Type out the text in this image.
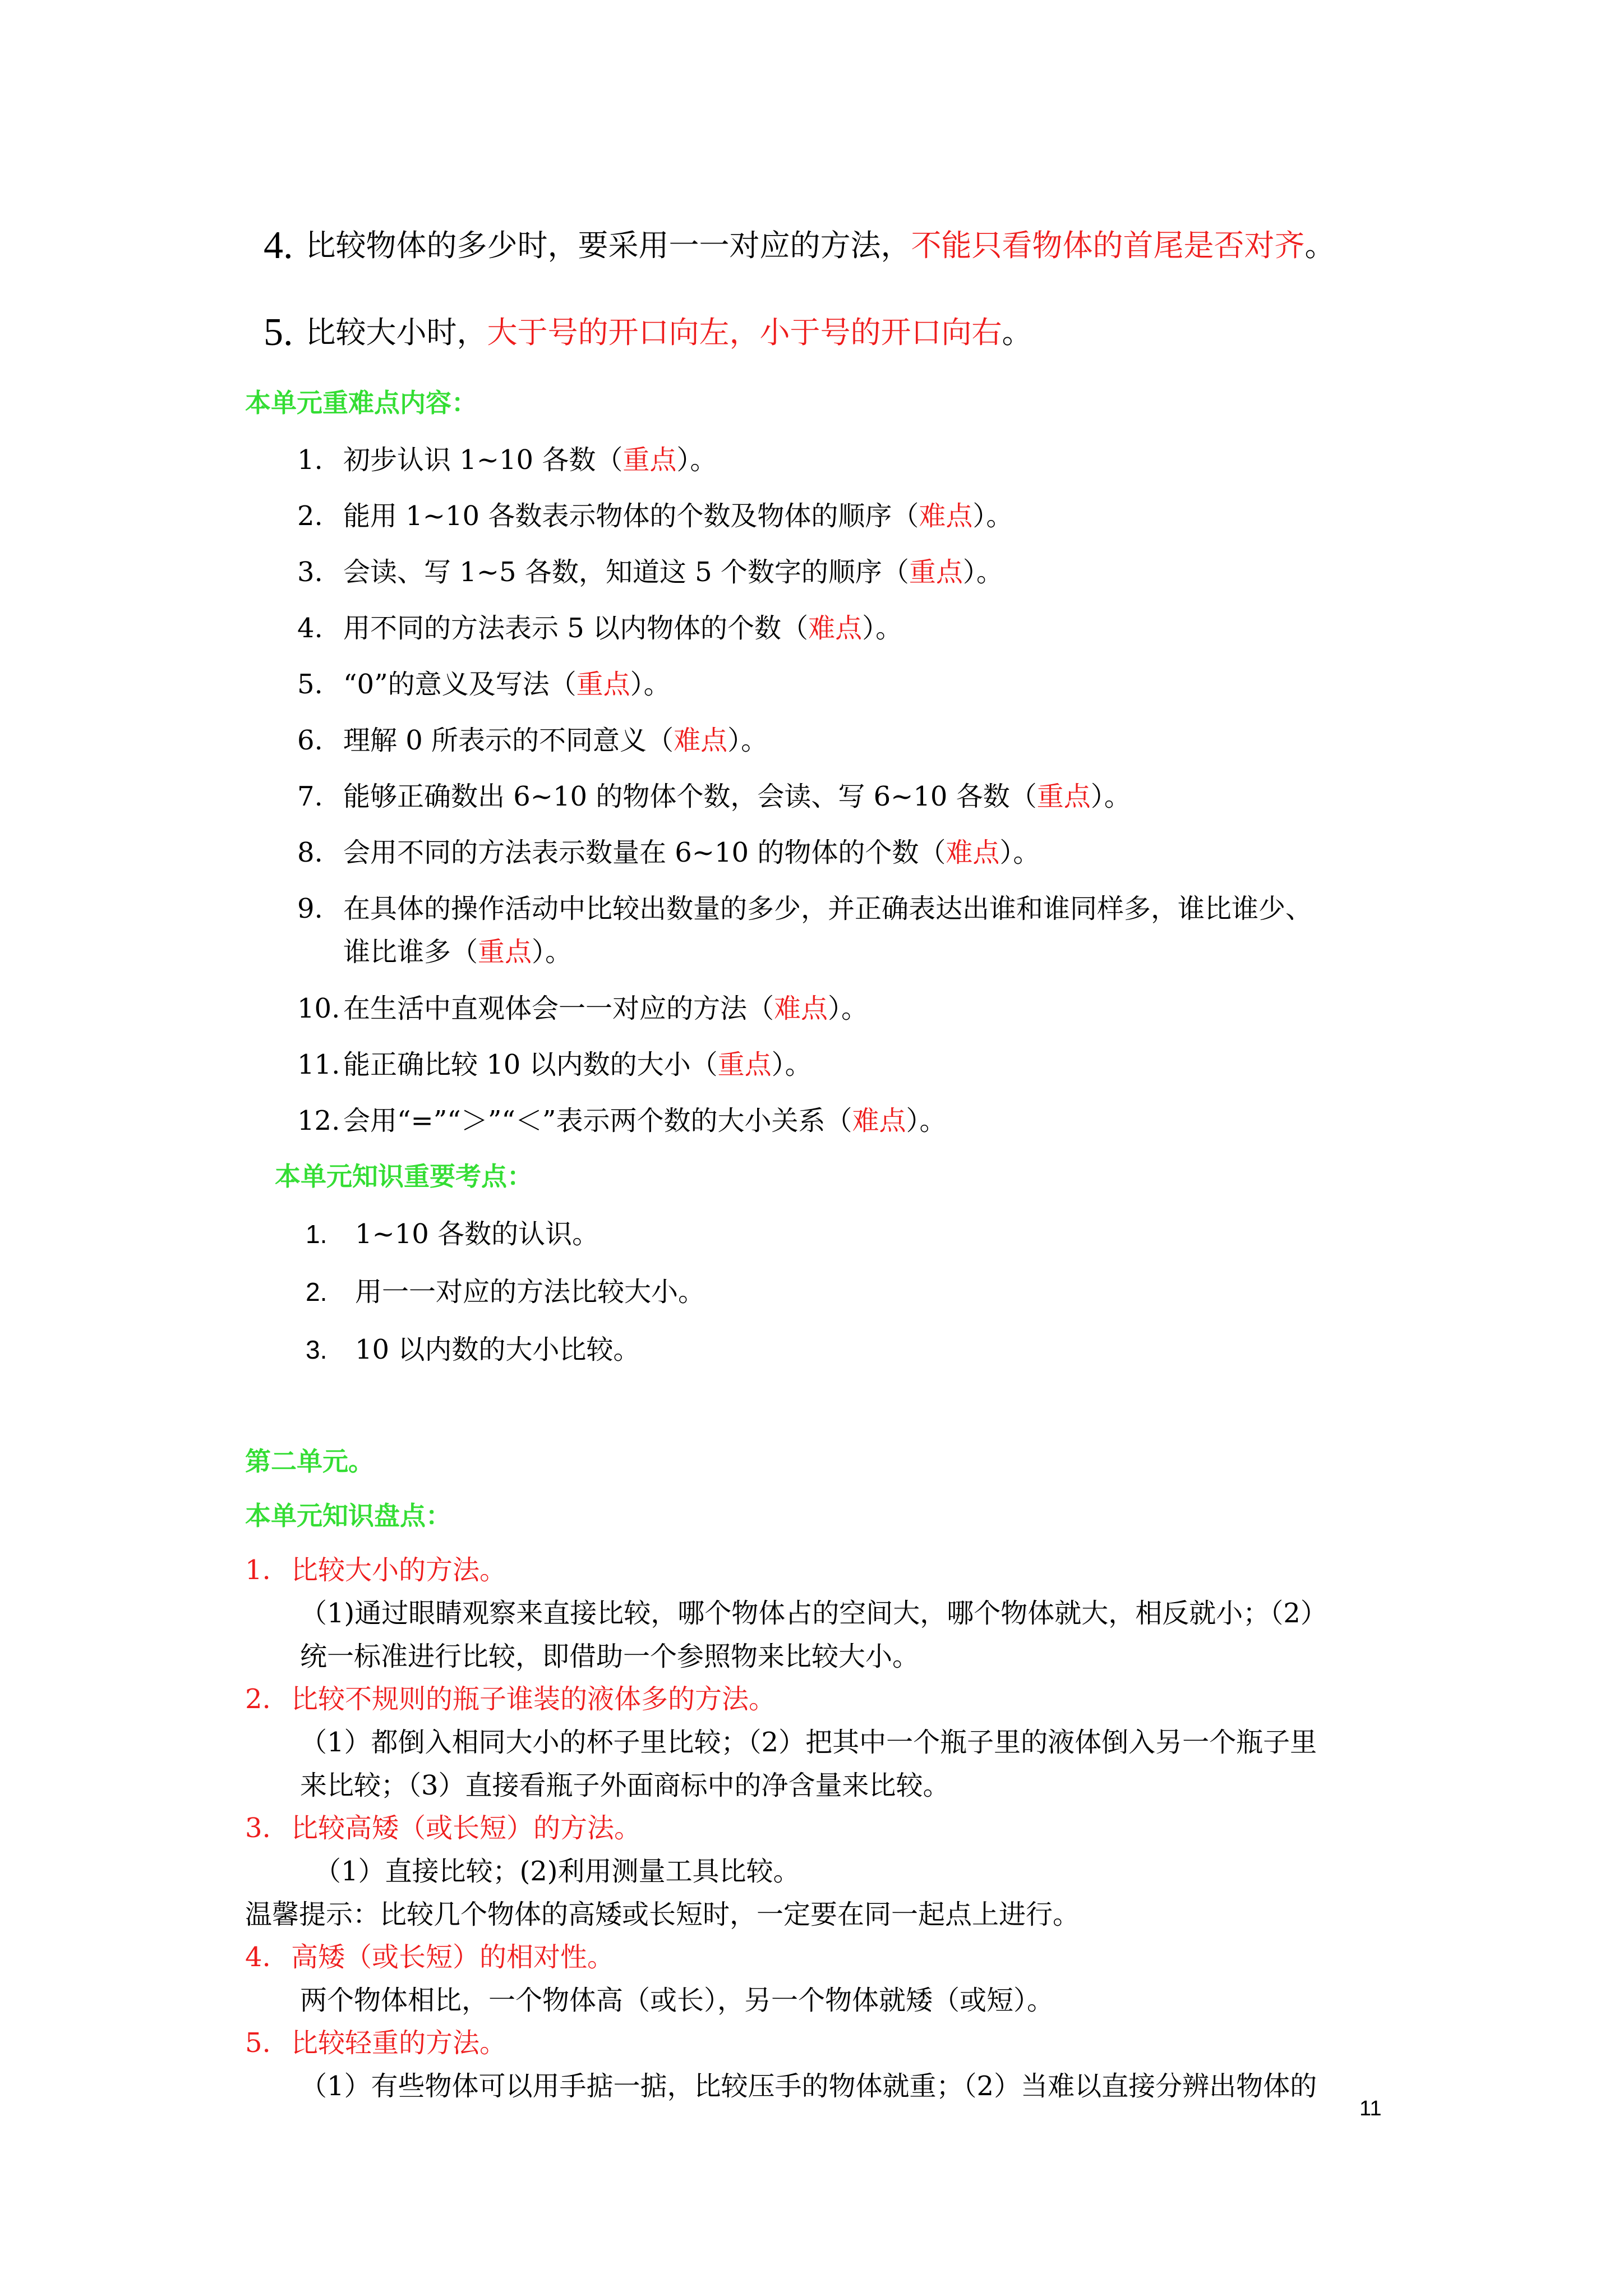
4. 比较物体的多少时，要采用一一对应的方法，不能只看物体的首尾是否对齐。
5. 比较大小时，大于号的开口向左，小于号的开口向右。
本单元重难点内容：
1. 初步认识 1~10 各数（重点）。
2. 能用 1~10 各数表示物体的个数及物体的顺序（难点）。
3. 会读、写 1~5 各数，知道这 5 个数字的顺序（重点）。
4. 用不同的方法表示 5 以内物体的个数（难点）。
5. “0”的意义及写法（重点）。
6. 理解 0 所表示的不同意义（难点）。
7. 能够正确数出 6~10 的物体个数，会读、写 6~10 各数（重点）。
8. 会用不同的方法表示数量在 6~10 的物体的个数（难点）。
9. 在具体的操作活动中比较出数量的多少，并正确表达出谁和谁同样多，谁比谁少、
谁比谁多（重点）。
10. 在生活中直观体会一一对应的方法（难点）。
11. 能正确比较 10 以内数的大小（重点）。
12. 会用“=”“＞”“＜”表示两个数的大小关系（难点）。
本单元知识重要考点：
1. 1~10 各数的认识。
2. 用一一对应的方法比较大小。
3. 10 以内数的大小比较。
第二单元。
本单元知识盘点：
1. 比较大小的方法。
（1)通过眼睛观察来直接比较，哪个物体占的空间大，哪个物体就大，相反就小；（2）
统一标准进行比较，即借助一个参照物来比较大小。
2. 比较不规则的瓶子谁装的液体多的方法。
（1）都倒入相同大小的杯子里比较；（2）把其中一个瓶子里的液体倒入另一个瓶子里
来比较；（3）直接看瓶子外面商标中的净含量来比较。
3. 比较高矮（或长短）的方法。
（1）直接比较；(2)利用测量工具比较。
温馨提示：比较几个物体的高矮或长短时，一定要在同一起点上进行。
4. 高矮（或长短）的相对性。
两个物体相比，一个物体高（或长），另一个物体就矮（或短）。
5. 比较轻重的方法。
（1）有些物体可以用手掂一掂，比较压手的物体就重；（2）当难以直接分辨出物体的
11
